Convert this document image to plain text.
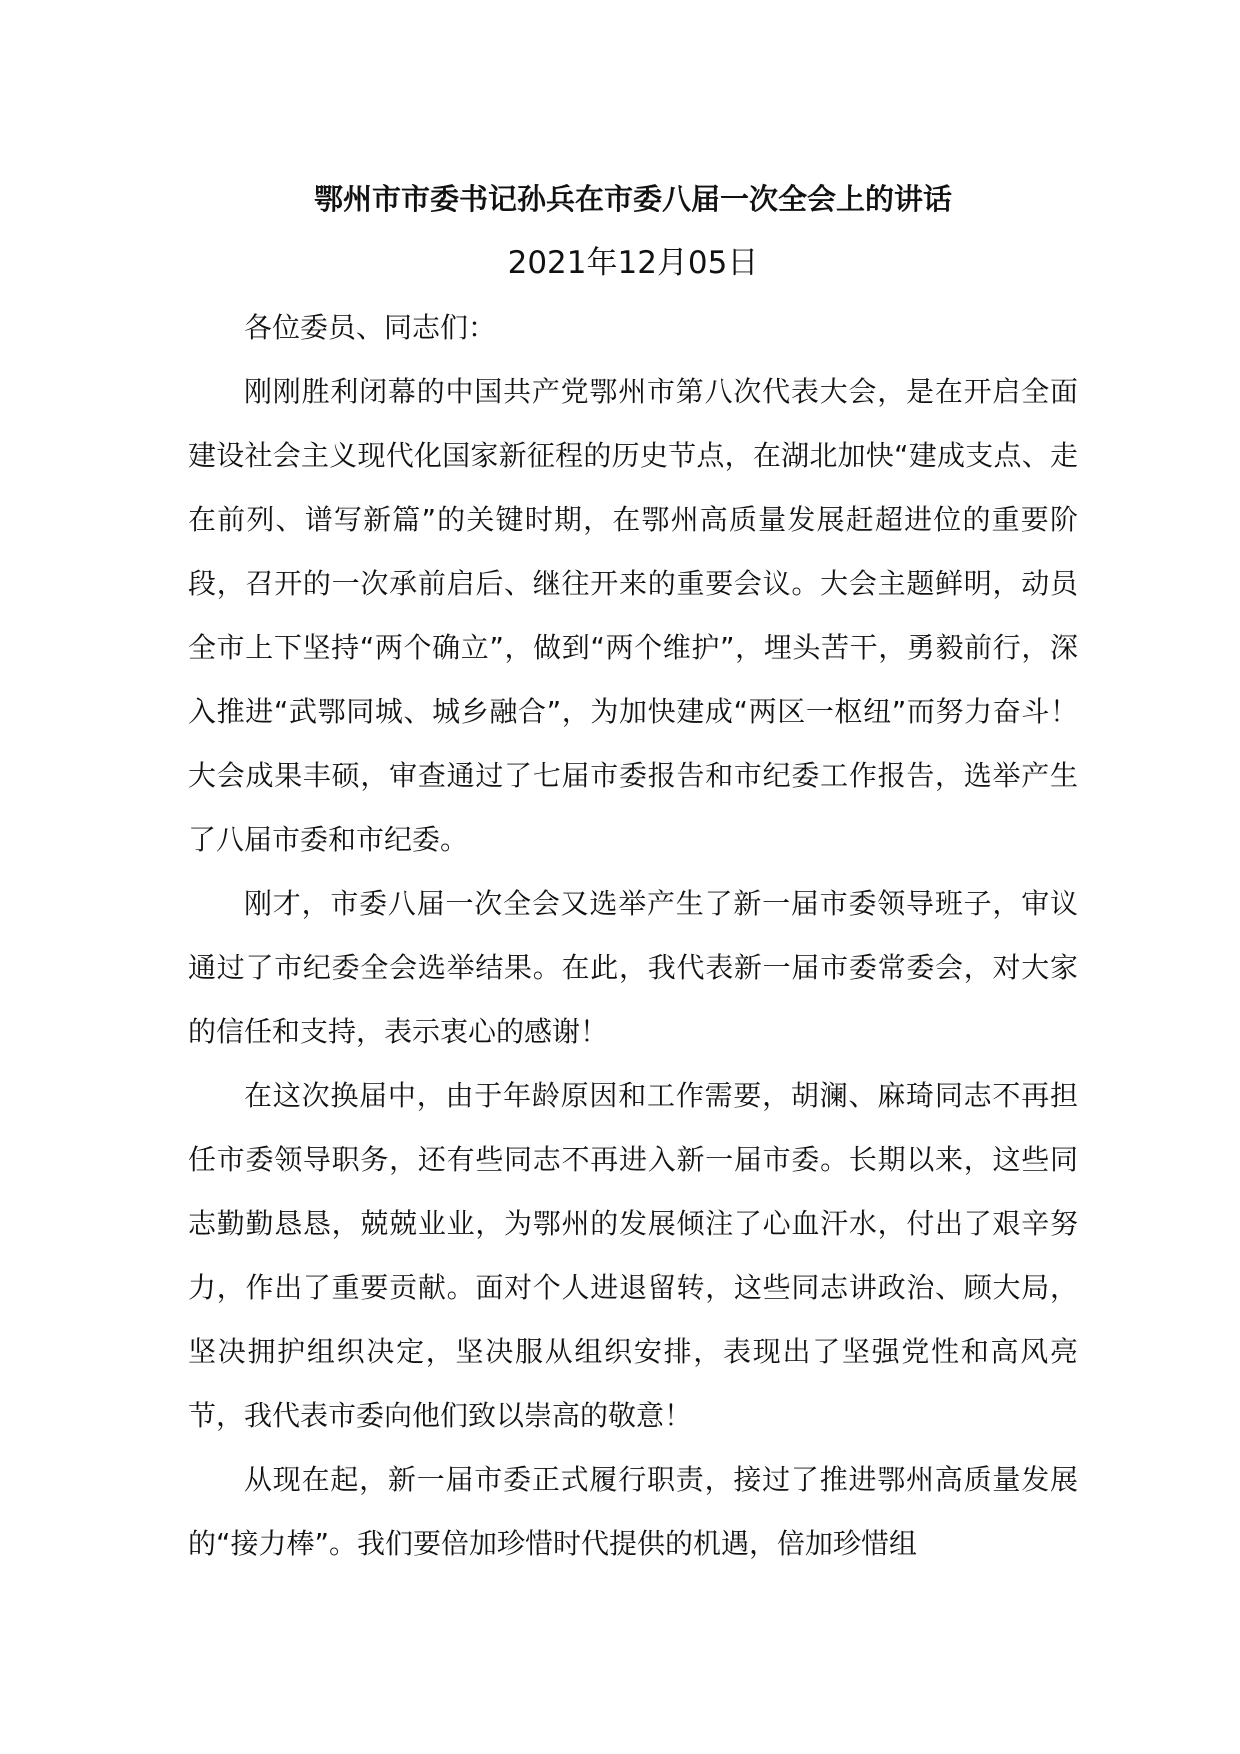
鄂州市市委书记孙兵在市委八届一次全会上的讲话
2021年12月05日

各位委员、同志们：

刚刚胜利闭幕的中国共产党鄂州市第八次代表大会，是在开启全面建设社会主义现代化国家新征程的历史节点，在湖北加快“建成支点、走在前列、谱写新篇”的关键时期，在鄂州高质量发展赶超进位的重要阶段，召开的一次承前启后、继往开来的重要会议。大会主题鲜明，动员全市上下坚持“两个确立”，做到“两个维护”，埋头苦干，勇毅前行，深入推进“武鄂同城、城乡融合”，为加快建成“两区一枢纽”而努力奋斗！大会成果丰硕，审查通过了七届市委报告和市纪委工作报告，选举产生了八届市委和市纪委。

刚才，市委八届一次全会又选举产生了新一届市委领导班子，审议通过了市纪委全会选举结果。在此，我代表新一届市委常委会，对大家的信任和支持，表示衷心的感谢！

在这次换届中，由于年龄原因和工作需要，胡澜、麻琦同志不再担任市委领导职务，还有些同志不再进入新一届市委。长期以来，这些同志勤勤恳恳，兢兢业业，为鄂州的发展倾注了心血汗水，付出了艰辛努力，作出了重要贡献。面对个人进退留转，这些同志讲政治、顾大局，坚决拥护组织决定，坚决服从组织安排，表现出了坚强党性和高风亮节，我代表市委向他们致以崇高的敬意！

从现在起，新一届市委正式履行职责，接过了推进鄂州高质量发展的“接力棒”。我们要倍加珍惜时代提供的机遇，倍加珍惜组
